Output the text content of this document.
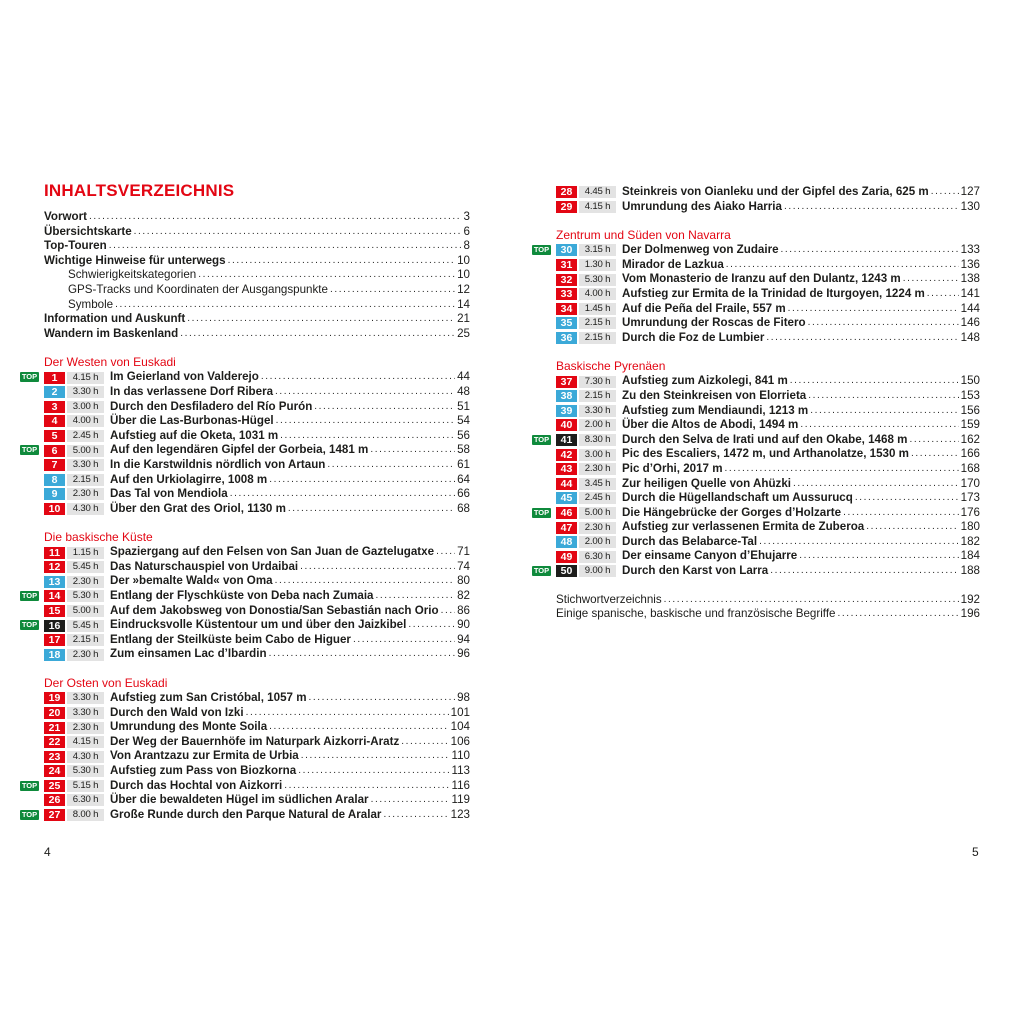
INHALTSVERZEICHNIS
Vorwort .....	3
Übersichtskarte .....	6
Top-Touren .....	8
Wichtige Hinweise für unterwegs .....	10
Schwierigkeitskategorien .....	10
GPS-Tracks und Koordinaten der Ausgangspunkte .....	12
Symbole .....	14
Information und Auskunft .....	21
Wandern im Baskenland .....	25
Der Westen von Euskadi
TOP	1	4.15 h	Im Geierland von Valderejo .....	44
2	3.30 h	In das verlassene Dorf Ribera .....	48
3	3.00 h	Durch den Desfiladero del Río Purón .....	51
4	4.00 h	Über die Las-Burbonas-Hügel .....	54
5	2.45 h	Aufstieg auf die Oketa, 1031 m .....	56
TOP	6	5.00 h	Auf den legendären Gipfel der Gorbeia, 1481 m .....	58
7	3.30 h	In die Karstwildnis nördlich von Artaun .....	61
8	2.15 h	Auf den Urkiolagirre, 1008 m .....	64
9	2.30 h	Das Tal von Mendiola .....	66
10	4.30 h	Über den Grat des Oriol, 1130 m .....	68
Die baskische Küste
11	1.15 h	Spaziergang auf den Felsen von San Juan de Gaztelugatxe ..... 71
12	5.45 h	Das Naturschauspiel von Urdaibai .....	74
13	2.30 h	Der »bemalte Wald« von Oma .....	80
TOP	14	5.30 h	Entlang der Flyschküste von Deba nach Zumaia .....	82
15	5.00 h	Auf dem Jakobsweg von Donostia/San Sebastián nach Orio ..... 86
TOP	16	5.45 h	Eindrucksvolle Küstentour um und über den Jaizkibel .....	90
17	2.15 h	Entlang der Steilküste beim Cabo de Higuer .....	94
18	2.30 h	Zum einsamen Lac d’Ibardin .....	96
Der Osten von Euskadi
19	3.30 h	Aufstieg zum San Cristóbal, 1057 m .....	98
20	3.30 h	Durch den Wald von Izki .....	101
21	2.30 h	Umrundung des Monte Soila .....	104
22	4.15 h	Der Weg der Bauernhöfe im Naturpark Aizkorri-Aratz .....	106
23	4.30 h	Von Arantzazu zur Ermita de Urbia .....	110
24	5.30 h	Aufstieg zum Pass von Biozkorna .....	113
TOP	25	5.15 h	Durch das Hochtal von Aizkorri .....	116
26	6.30 h	Über die bewaldeten Hügel im südlichen Aralar .....	119
TOP	27	8.00 h	Große Runde durch den Parque Natural de Aralar .....	123
28	4.45 h	Steinkreis von Oianleku und der Gipfel des Zaria, 625 m .....	127
29	4.15 h	Umrundung des Aiako Harria .....	130
Zentrum und Süden von Navarra
TOP	30	3.15 h	Der Dolmenweg von Zudaire .....	133
31	1.30 h	Mirador de Lazkua .....	136
32	5.30 h	Vom Monasterio de Iranzu auf den Dulantz, 1243 m .....	138
33	4.00 h	Aufstieg zur Ermita de la Trinidad de Iturgoyen, 1224 m .....	141
34	1.45 h	Auf die Peña del Fraile, 557 m .....	144
35	2.15 h	Umrundung der Roscas de Fitero .....	146
36	2.15 h	Durch die Foz de Lumbier .....	148
Baskische Pyrenäen
37	7.30 h	Aufstieg zum Aizkolegi, 841 m .....	150
38	2.15 h	Zu den Steinkreisen von Elorrieta .....	153
39	3.30 h	Aufstieg zum Mendiaundi, 1213 m .....	156
40	2.00 h	Über die Altos de Abodi, 1494 m .....	159
TOP	41	8.30 h	Durch den Selva de Irati und auf den Okabe, 1468 m .....	162
42	3.00 h	Pic des Escaliers, 1472 m, und Arthanolatze, 1530 m .....	166
43	2.30 h	Pic d’Orhi, 2017 m .....	168
44	3.45 h	Zur heiligen Quelle von Ahüzki .....	170
45	2.45 h	Durch die Hügellandschaft um Aussurucq .....	173
TOP	46	5.00 h	Die Hängebrücke der Gorges d’Holzarte .....	176
47	2.30 h	Aufstieg zur verlassenen Ermita de Zuberoa .....	180
48	2.00 h	Durch das Belabarce-Tal .....	182
49	6.30 h	Der einsame Canyon d’Ehujarre .....	184
TOP	50	9.00 h	Durch den Karst von Larra .....	188
Stichwortverzeichnis .....	192
Einige spanische, baskische und französische Begriffe .....	196
4	5
